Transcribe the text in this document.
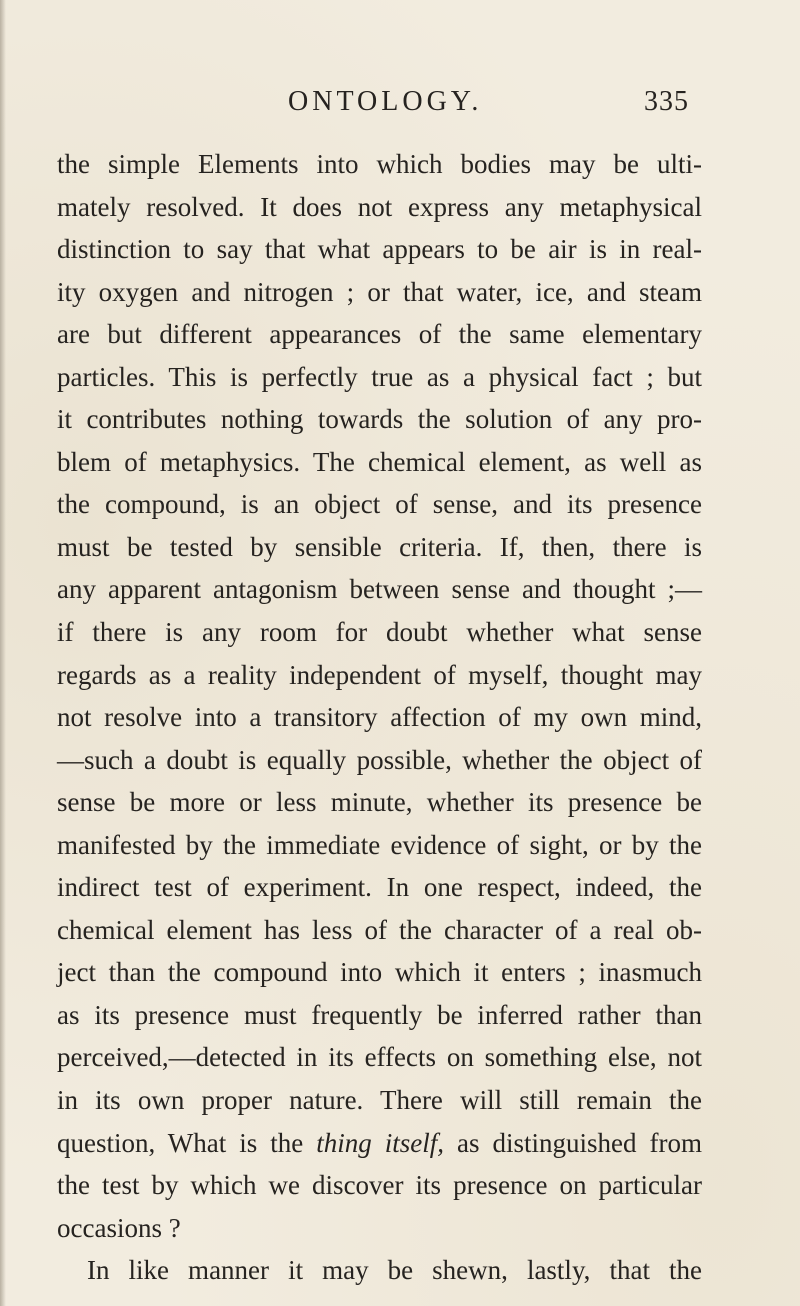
ONTOLOGY.	335
the simple Elements into which bodies may be ulti-
mately resolved. It does not express any metaphysical
distinction to say that what appears to be air is in real-
ity oxygen and nitrogen ; or that water, ice, and steam
are but different appearances of the same elementary
particles. This is perfectly true as a physical fact ; but
it contributes nothing towards the solution of any pro-
blem of metaphysics. The chemical element, as well as
the compound, is an object of sense, and its presence
must be tested by sensible criteria. If, then, there is
any apparent antagonism between sense and thought ;—
if there is any room for doubt whether what sense
regards as a reality independent of myself, thought may
not resolve into a transitory affection of my own mind,
—such a doubt is equally possible, whether the object of
sense be more or less minute, whether its presence be
manifested by the immediate evidence of sight, or by the
indirect test of experiment. In one respect, indeed, the
chemical element has less of the character of a real ob-
ject than the compound into which it enters ; inasmuch
as its presence must frequently be inferred rather than
perceived,—detected in its effects on something else, not
in its own proper nature. There will still remain the
question, What is the thing itself, as distinguished from
the test by which we discover its presence on particular
occasions ?
In like manner it may be shewn, lastly, that the
